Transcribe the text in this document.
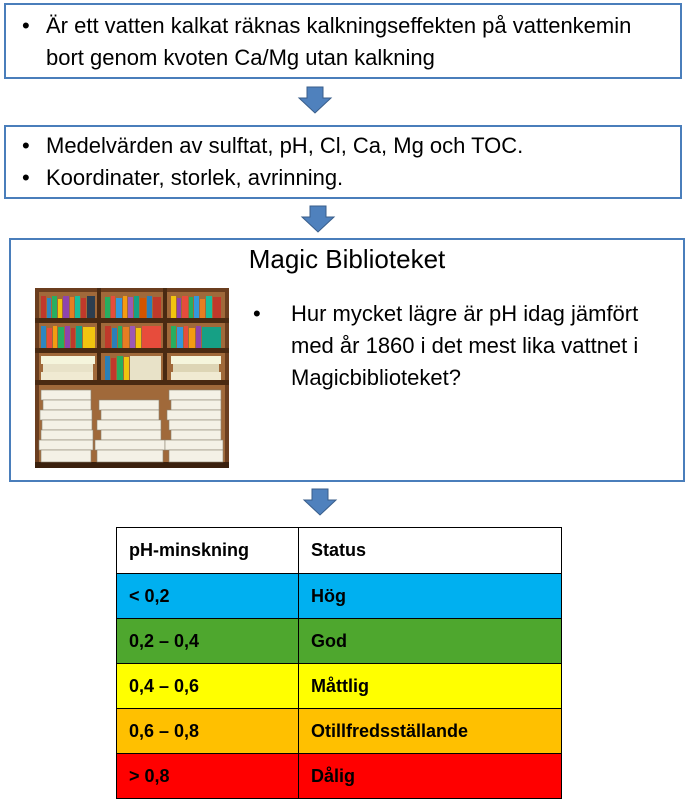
• Är ett vatten kalkat räknas kalkningseffekten på vattenkemin bort genom kvoten Ca/Mg utan kalkning
• Medelvärden av sulftat, pH, Cl, Ca, Mg och TOC.
• Koordinater, storlek, avrinning.
Magic Biblioteket
• Hur mycket lägre är pH idag jämfört med år 1860 i det mest lika vattnet i Magicbiblioteket?
pH-minskning	Status
< 0,2	Hög
0,2 – 0,4	God
0,4 – 0,6	Måttlig
0,6 – 0,8	Otillfredsställande
> 0,8	Dålig
